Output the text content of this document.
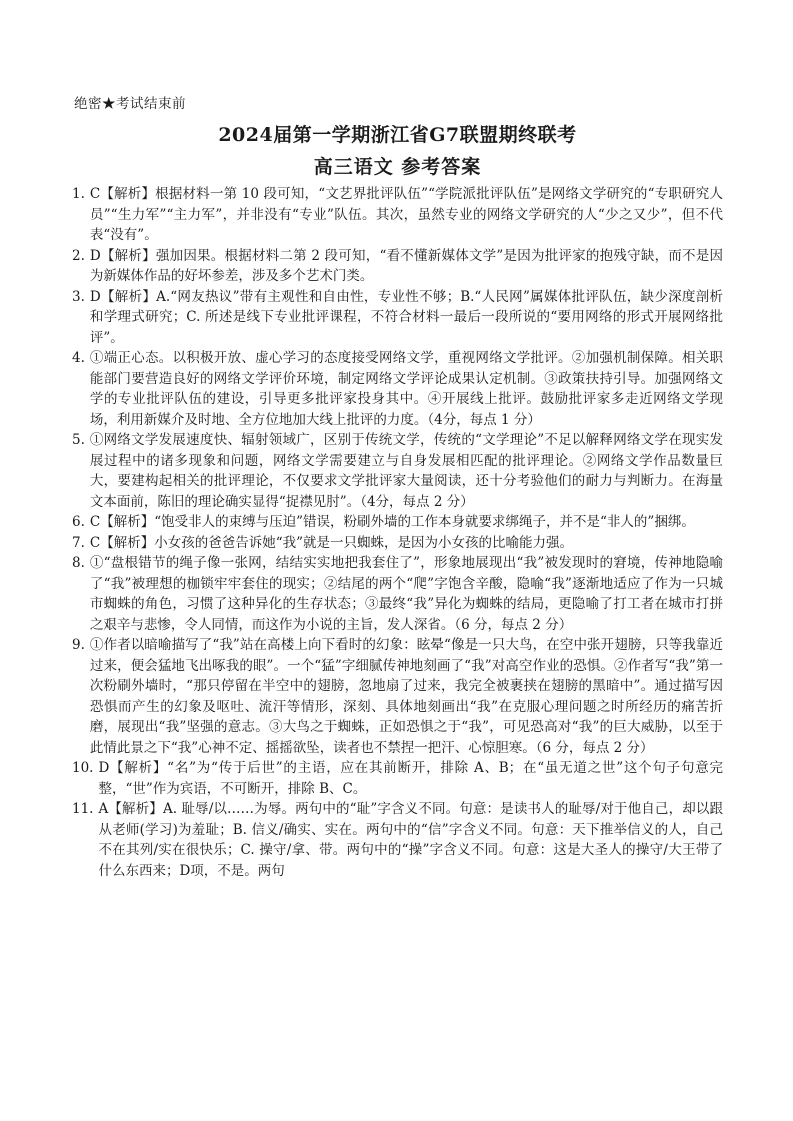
绝密★考试结束前
2024届第一学期浙江省G7联盟期终联考
高三语文 参考答案
1. C【解析】根据材料一第 10 段可知，“文艺界批评队伍”“学院派批评队伍”是网络文学研究的“专职研究人员”“生力军”“主力军”，并非没有“专业”队伍。其次，虽然专业的网络文学研究的人“少之又少”，但不代表“没有”。
2. D【解析】强加因果。根据材料二第 2 段可知，“看不懂新媒体文学”是因为批评家的抱残守缺，而不是因为新媒体作品的好坏参差，涉及多个艺术门类。
3. D【解析】A.“网友热议”带有主观性和自由性，专业性不够；B.“人民网”属媒体批评队伍，缺少深度剖析和学理式研究；C. 所述是线下专业批评课程，不符合材料一最后一段所说的“要用网络的形式开展网络批评”。
4. ①端正心态。以积极开放、虚心学习的态度接受网络文学，重视网络文学批评。②加强机制保障。相关职能部门要营造良好的网络文学评价环境，制定网络文学评论成果认定机制。③政策扶持引导。加强网络文学的专业批评队伍的建设，引导更多批评家投身其中。④开展线上批评。鼓励批评家多走近网络文学现场，利用新媒介及时地、全方位地加大线上批评的力度。（4分，每点 1 分）
5. ①网络文学发展速度快、辐射领域广，区别于传统文学，传统的“文学理论”不足以解释网络文学在现实发展过程中的诸多现象和问题，网络文学需要建立与自身发展相匹配的批评理论。②网络文学作品数量巨大，要建构起相关的批评理论，不仅要求文学批评家大量阅读，还十分考验他们的耐力与判断力。在海量文本面前，陈旧的理论确实显得“捉襟见肘”。（4分，每点 2 分）
6. C【解析】“饱受非人的束缚与压迫”错误，粉刷外墙的工作本身就要求绑绳子，并不是“非人的”捆绑。
7. C【解析】小女孩的爸爸告诉她“我”就是一只蜘蛛，是因为小女孩的比喻能力强。
8. ①“盘根错节的绳子像一张网，结结实实地把我套住了”，形象地展现出“我”被发现时的窘境，传神地隐喻了“我”被理想的枷锁牢牢套住的现实；②结尾的两个“爬”字饱含辛酸，隐喻“我”逐渐地适应了作为一只城市蜘蛛的角色，习惯了这种异化的生存状态；③最终“我”异化为蜘蛛的结局，更隐喻了打工者在城市打拼之艰辛与悲惨，令人同情，而这作为小说的主旨，发人深省。（6 分，每点 2 分）
9. ①作者以暗喻描写了“我”站在高楼上向下看时的幻象：眩晕“像是一只大鸟，在空中张开翅膀，只等我靠近过来，便会猛地飞出啄我的眼”。一个“猛”字细腻传神地刻画了“我”对高空作业的恐惧。②作者写“我”第一次粉刷外墙时，“那只停留在半空中的翅膀，忽地扇了过来，我完全被裹挟在翅膀的黑暗中”。通过描写因恐惧而产生的幻象及呕吐、流汗等情形，深刻、具体地刻画出“我”在克服心理问题之时所经历的痛苦折磨，展现出“我”坚强的意志。③大鸟之于蜘蛛，正如恐惧之于“我”，可见恐高对“我”的巨大威胁，以至于此情此景之下“我”心神不定、摇摇欲坠，读者也不禁捏一把汗、心惊胆寒。（6 分，每点 2 分）
10. D【解析】“名”为“传于后世”的主语，应在其前断开，排除 A、B；在“虽无道之世”这个句子句意完整，“世”作为宾语，不可断开，排除 B、C。
11. A【解析】A. 耻辱/以……为辱。两句中的“耻”字含义不同。句意：是读书人的耻辱/对于他自己，却以跟从老师(学习)为羞耻；B. 信义/确实、实在。两句中的“信”字含义不同。句意：天下推举信义的人，自己不在其列/实在很快乐；C. 操守/拿、带。两句中的“操”字含义不同。句意：这是大圣人的操守/大王带了什么东西来；D项，不是。两句
